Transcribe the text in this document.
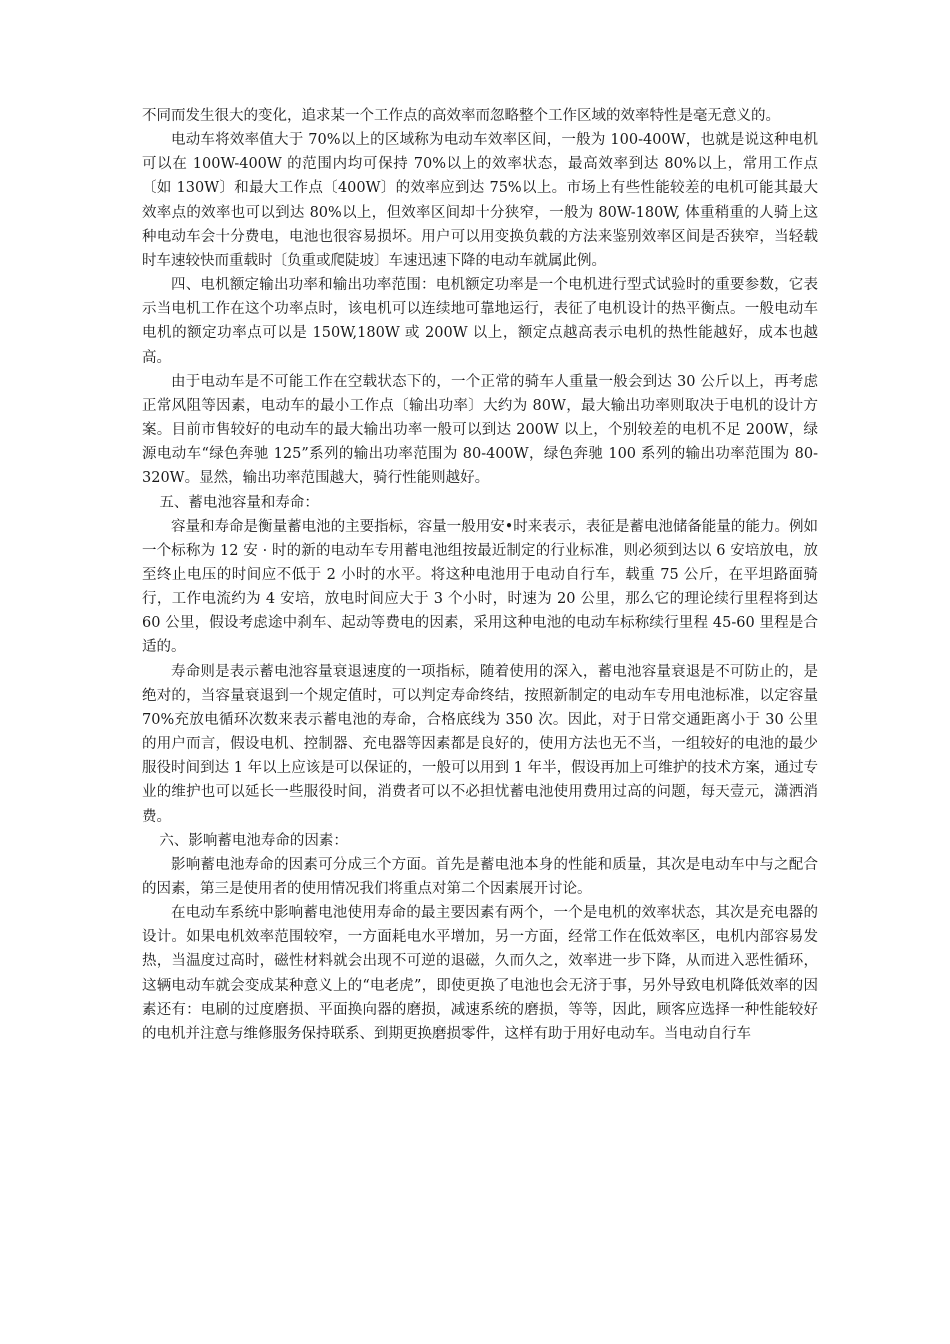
不同而发生很大的变化，追求某一个工作点的高效率而忽略整个工作区域的效率特性是毫无意义的。

电动车将效率值大于 70%以上的区域称为电动车效率区间，一般为 100-400W，也就是说这种电机可以在 100W-400W 的范围内均可保持 70%以上的效率状态，最高效率到达 80%以上，常用工作点〔如 130W〕和最大工作点〔400W〕的效率应到达 75%以上。市场上有些性能较差的电机可能其最大效率点的效率也可以到达 80%以上，但效率区间却十分狭窄，一般为 80W-180W, 体重稍重的人骑上这种电动车会十分费电，电池也很容易损坏。用户可以用变换负载的方法来鉴别效率区间是否狭窄，当轻载时车速较快而重载时〔负重或爬陡坡〕车速迅速下降的电动车就属此例。

四、电机额定输出功率和输出功率范围：电机额定功率是一个电机进行型式试验时的重要参数，它表示当电机工作在这个功率点时，该电机可以连续地可靠地运行，表征了电机设计的热平衡点。一般电动车电机的额定功率点可以是 150W,180W 或 200W 以上，额定点越高表示电机的热性能越好，成本也越高。

由于电动车是不可能工作在空载状态下的，一个正常的骑车人重量一般会到达 30 公斤以上，再考虑正常风阻等因素，电动车的最小工作点〔输出功率〕大约为 80W，最大输出功率则取决于电机的设计方案。目前市售较好的电动车的最大输出功率一般可以到达 200W 以上，个别较差的电机不足 200W，绿源电动车“绿色奔驰 125”系列的输出功率范围为 80-400W，绿色奔驰 100 系列的输出功率范围为 80-320W。显然，输出功率范围越大，骑行性能则越好。

五、蓄电池容量和寿命：

容量和寿命是衡量蓄电池的主要指标，容量一般用安•时来表示，表征是蓄电池储备能量的能力。例如一个标称为 12 安 · 时的新的电动车专用蓄电池组按最近制定的行业标准，则必须到达以 6 安培放电，放至终止电压的时间应不低于 2 小时的水平。将这种电池用于电动自行车，载重 75 公斤，在平坦路面骑行，工作电流约为 4 安培，放电时间应大于 3 个小时，时速为 20 公里，那么它的理论续行里程将到达 60 公里，假设考虑途中刹车、起动等费电的因素，采用这种电池的电动车标称续行里程 45-60 里程是合适的。

寿命则是表示蓄电池容量衰退速度的一项指标，随着使用的深入，蓄电池容量衰退是不可防止的，是绝对的，当容量衰退到一个规定值时，可以判定寿命终结，按照新制定的电动车专用电池标准，以定容量 70%充放电循环次数来表示蓄电池的寿命，合格底线为 350 次。因此，对于日常交通距离小于 30 公里的用户而言，假设电机、控制器、充电器等因素都是良好的，使用方法也无不当，一组较好的电池的最少服役时间到达 1 年以上应该是可以保证的，一般可以用到 1 年半，假设再加上可维护的技术方案，通过专业的维护也可以延长一些服役时间，消费者可以不必担忧蓄电池使用费用过高的问题，每天壹元，潇洒消费。

六、影响蓄电池寿命的因素：

影响蓄电池寿命的因素可分成三个方面。首先是蓄电池本身的性能和质量，其次是电动车中与之配合的因素，第三是使用者的使用情况我们将重点对第二个因素展开讨论。

在电动车系统中影响蓄电池使用寿命的最主要因素有两个，一个是电机的效率状态，其次是充电器的设计。如果电机效率范围较窄，一方面耗电水平增加，另一方面，经常工作在低效率区，电机内部容易发热，当温度过高时，磁性材料就会出现不可逆的退磁，久而久之，效率进一步下降，从而进入恶性循环，这辆电动车就会变成某种意义上的“电老虎”，即使更换了电池也会无济于事，另外导致电机降低效率的因素还有：电刷的过度磨损、平面换向器的磨损，减速系统的磨损，等等，因此，顾客应选择一种性能较好的电机并注意与维修服务保持联系、到期更换磨损零件，这样有助于用好电动车。当电动自行车
